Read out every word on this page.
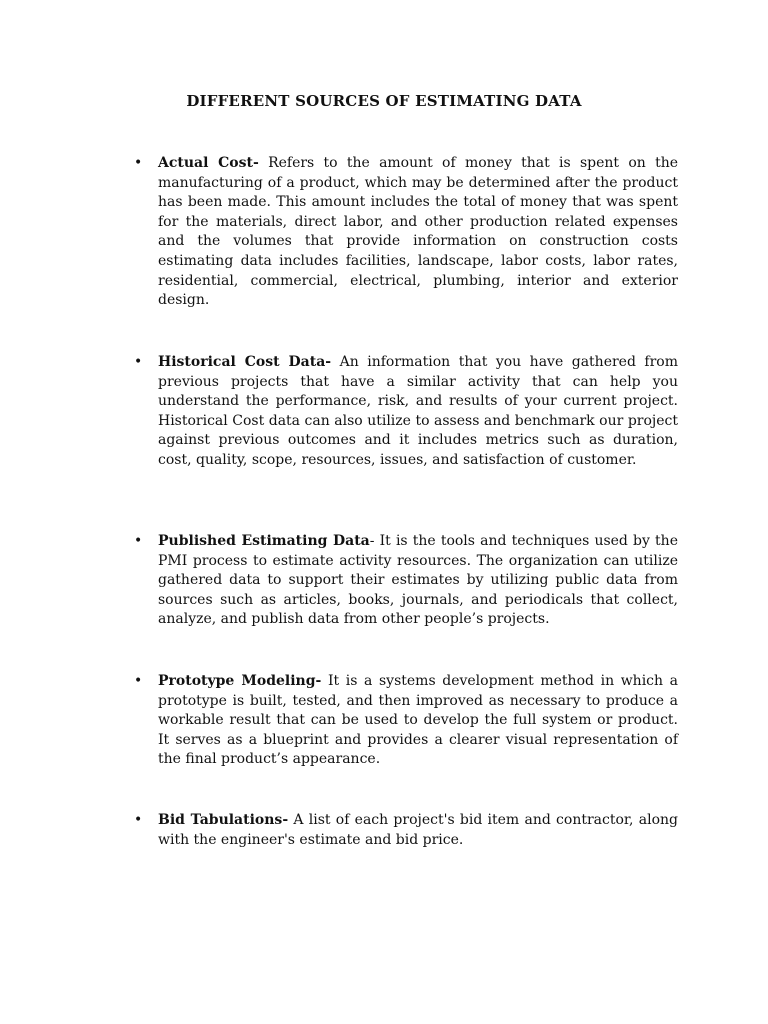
DIFFERENT SOURCES OF ESTIMATING DATA
• Actual Cost- Refers to the amount of money that is spent on the manufacturing of a product, which may be determined after the product has been made. This amount includes the total of money that was spent for the materials, direct labor, and other production related expenses and the volumes that provide information on construction costs estimating data includes facilities, landscape, labor costs, labor rates, residential, commercial, electrical, plumbing, interior and exterior design.
• Historical Cost Data- An information that you have gathered from previous projects that have a similar activity that can help you understand the performance, risk, and results of your current project. Historical Cost data can also utilize to assess and benchmark our project against previous outcomes and it includes metrics such as duration, cost, quality, scope, resources, issues, and satisfaction of customer.
• Published Estimating Data- It is the tools and techniques used by the PMI process to estimate activity resources. The organization can utilize gathered data to support their estimates by utilizing public data from sources such as articles, books, journals, and periodicals that collect, analyze, and publish data from other people’s projects.
• Prototype Modeling- It is a systems development method in which a prototype is built, tested, and then improved as necessary to produce a workable result that can be used to develop the full system or product. It serves as a blueprint and provides a clearer visual representation of the final product’s appearance.
• Bid Tabulations- A list of each project's bid item and contractor, along with the engineer's estimate and bid price.
